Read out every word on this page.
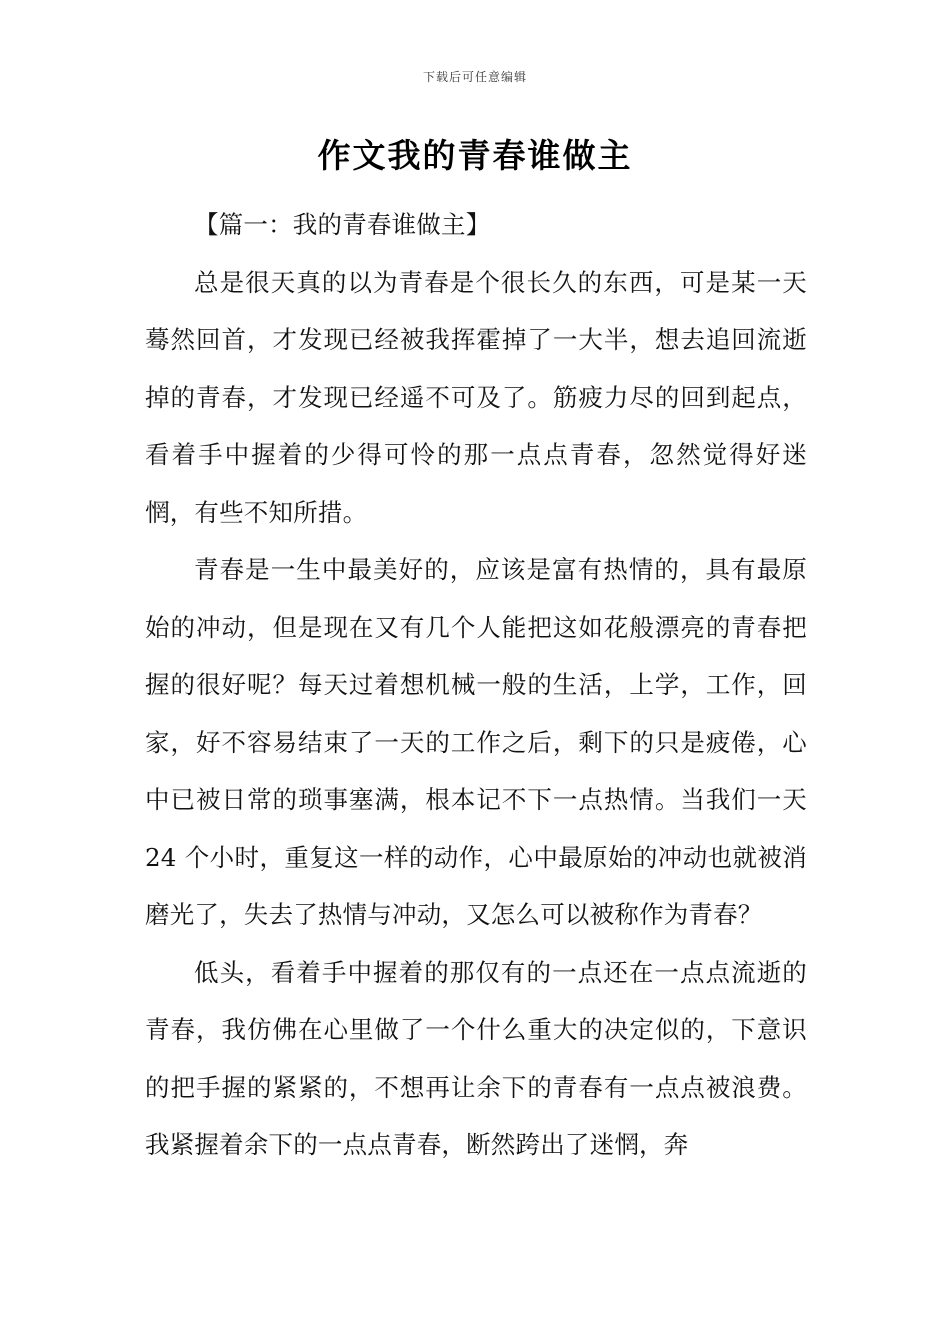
下载后可任意编辑
作文我的青春谁做主

【篇一：我的青春谁做主】

总是很天真的以为青春是个很长久的东西，可是某一天蓦然回首，才发现已经被我挥霍掉了一大半，想去追回流逝掉的青春，才发现已经遥不可及了。筋疲力尽的回到起点，看着手中握着的少得可怜的那一点点青春，忽然觉得好迷惘，有些不知所措。

青春是一生中最美好的，应该是富有热情的，具有最原始的冲动，但是现在又有几个人能把这如花般漂亮的青春把握的很好呢？每天过着想机械一般的生活，上学，工作，回家，好不容易结束了一天的工作之后，剩下的只是疲倦，心中已被日常的琐事塞满，根本记不下一点热情。当我们一天 24 个小时，重复这一样的动作，心中最原始的冲动也就被消磨光了，失去了热情与冲动，又怎么可以被称作为青春？

低头，看着手中握着的那仅有的一点还在一点点流逝的青春，我仿佛在心里做了一个什么重大的决定似的，下意识的把手握的紧紧的，不想再让余下的青春有一点点被浪费。我紧握着余下的一点点青春，断然跨出了迷惘，奔
